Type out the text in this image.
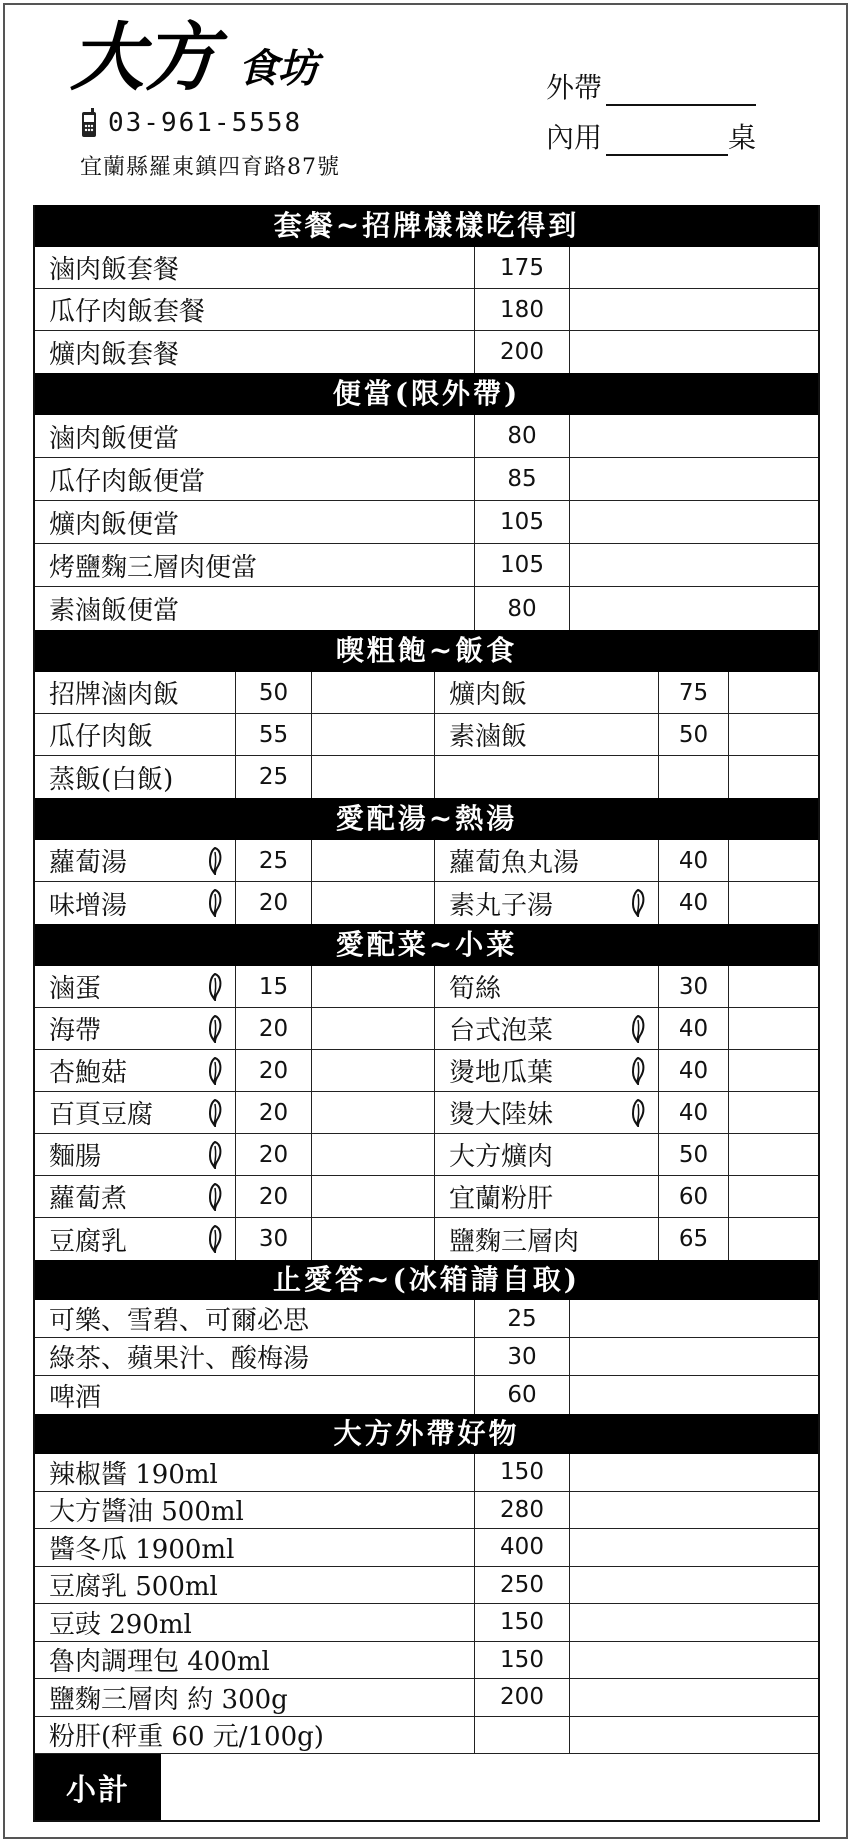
大方 食坊
03-961-5558
宜蘭縣羅東鎮四育路87號
外帶
內用	桌
套餐~招牌樣樣吃得到
滷肉飯套餐	175
瓜仔肉飯套餐	180
爌肉飯套餐	200
便當(限外帶)
滷肉飯便當	80
瓜仔肉飯便當	85
爌肉飯便當	105
烤鹽麴三層肉便當	105
素滷飯便當	80
喫粗飽~飯食
招牌滷肉飯	50	爌肉飯	75
瓜仔肉飯	55	素滷飯	50
蒸飯(白飯)	25
愛配湯~熱湯
蘿蔔湯	25	蘿蔔魚丸湯	40
味增湯	20	素丸子湯	40
愛配菜~小菜
滷蛋	15	筍絲	30
海帶	20	台式泡菜	40
杏鮑菇	20	燙地瓜葉	40
百頁豆腐	20	燙大陸妹	40
麵腸	20	大方爌肉	50
蘿蔔煮	20	宜蘭粉肝	60
豆腐乳	30	鹽麴三層肉	65
止愛答~(冰箱請自取)
可樂、雪碧、可爾必思	25
綠茶、蘋果汁、酸梅湯	30
啤酒	60
大方外帶好物
辣椒醬 190ml	150
大方醬油 500ml	280
醬冬瓜 1900ml	400
豆腐乳 500ml	250
豆豉 290ml	150
魯肉調理包 400ml	150
鹽麴三層肉 約 300g	200
粉肝(秤重 60 元/100g)
小計
